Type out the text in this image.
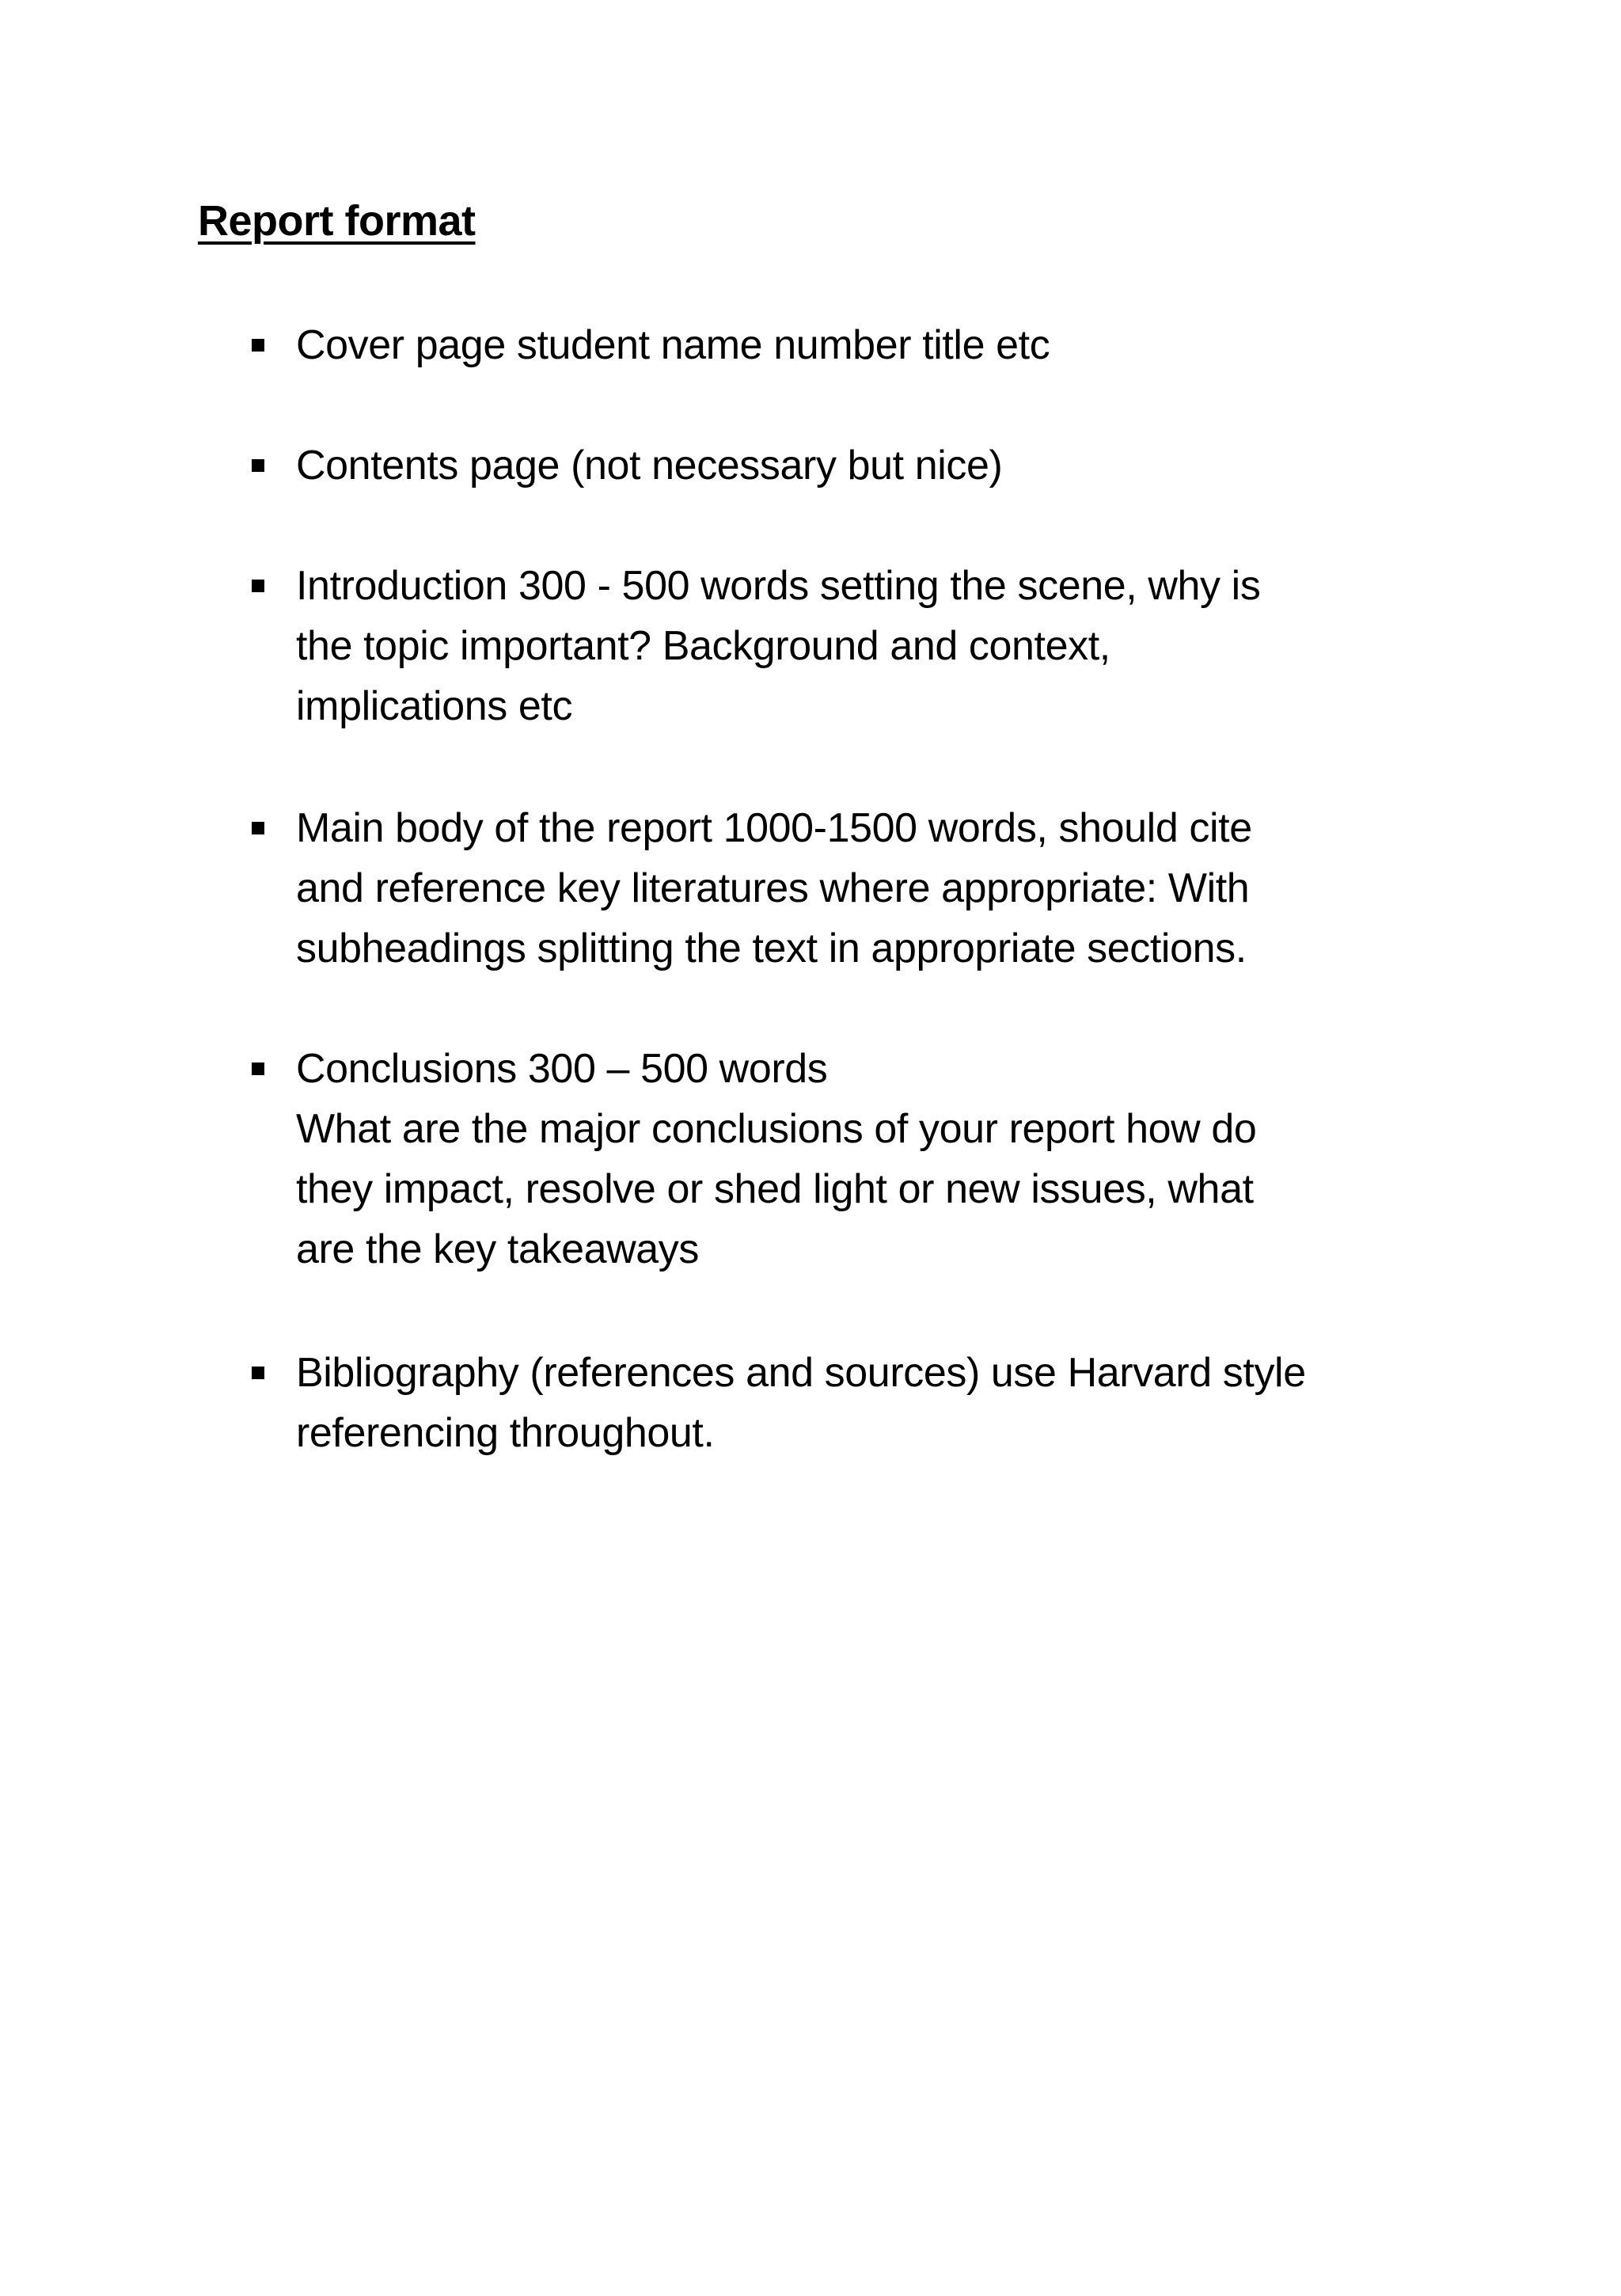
Report format
Cover page student name number title etc
Contents page (not necessary but nice)
Introduction 300 - 500 words setting the scene, why is
the topic important? Background and context,
implications etc
Main body of the report 1000-1500 words, should cite
and reference key literatures where appropriate: With
subheadings splitting the text in appropriate sections.
Conclusions 300 – 500 words
What are the major conclusions of your report how do
they impact, resolve or shed light or new issues, what
are the key takeaways
Bibliography (references and sources) use Harvard style
referencing throughout.
